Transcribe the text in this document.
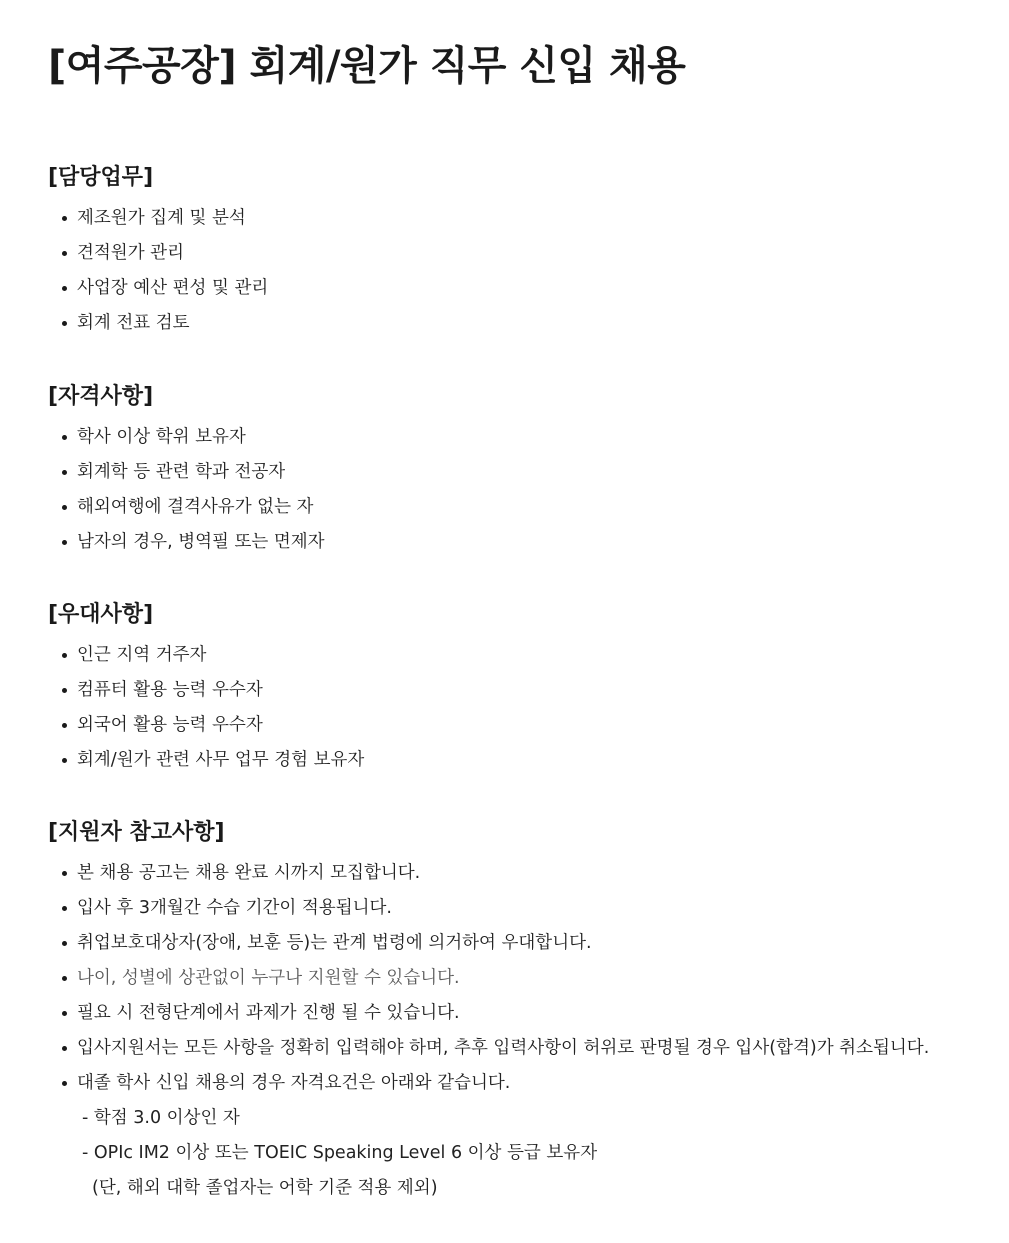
[여주공장] 회계/원가 직무 신입 채용
[담당업무]
제조원가 집계 및 분석
견적원가 관리
사업장 예산 편성 및 관리
회계 전표 검토
[자격사항]
학사 이상 학위 보유자
회계학 등 관련 학과 전공자
해외여행에 결격사유가 없는 자
남자의 경우, 병역필 또는 면제자
[우대사항]
인근 지역 거주자
컴퓨터 활용 능력 우수자
외국어 활용 능력 우수자
회계/원가 관련 사무 업무 경험 보유자
[지원자 참고사항]
본 채용 공고는 채용 완료 시까지 모집합니다.
입사 후 3개월간 수습 기간이 적용됩니다.
취업보호대상자(장애, 보훈 등)는 관계 법령에 의거하여 우대합니다.
나이, 성별에 상관없이 누구나 지원할 수 있습니다.
필요 시 전형단계에서 과제가 진행 될 수 있습니다.
입사지원서는 모든 사항을 정확히 입력해야 하며, 추후 입력사항이 허위로 판명될 경우 입사(합격)가 취소됩니다.
대졸 학사 신입 채용의 경우 자격요건은 아래와 같습니다.
- 학점 3.0 이상인 자
- OPIc IM2 이상 또는 TOEIC Speaking Level 6 이상 등급 보유자
(단, 해외 대학 졸업자는 어학 기준 적용 제외)
